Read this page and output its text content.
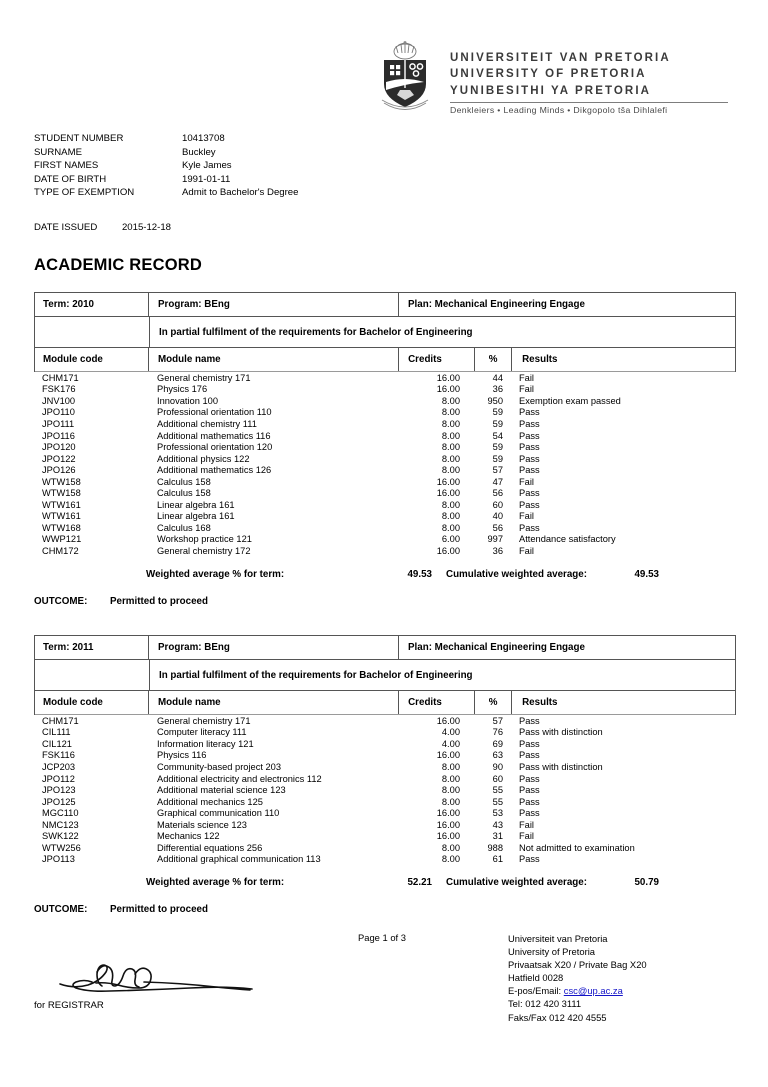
UNIVERSITEIT VAN PRETORIA
UNIVERSITY OF PRETORIA
YUNIBESITHI YA PRETORIA
Denkleiers • Leading Minds • Dikgopolo tša Dihlalefi
STUDENT NUMBER	10413708
SURNAME	Buckley
FIRST NAMES	Kyle James
DATE OF BIRTH	1991-01-11
TYPE OF EXEMPTION	Admit to Bachelor's Degree
DATE ISSUED	2015-12-18
ACADEMIC RECORD
Term: 2010	Program: BEng	Plan: Mechanical Engineering Engage
In partial fulfilment of the requirements for Bachelor of Engineering
Module code	Module name	Credits	%	Results
CHM171	General chemistry 171	16.00	44	Fail
FSK176	Physics 176	16.00	36	Fail
JNV100	Innovation 100	8.00	950	Exemption exam passed
JPO110	Professional orientation 110	8.00	59	Pass
JPO111	Additional chemistry 111	8.00	59	Pass
JPO116	Additional mathematics 116	8.00	54	Pass
JPO120	Professional orientation 120	8.00	59	Pass
JPO122	Additional physics 122	8.00	59	Pass
JPO126	Additional mathematics 126	8.00	57	Pass
WTW158	Calculus 158	16.00	47	Fail
WTW158	Calculus 158	16.00	56	Pass
WTW161	Linear algebra 161	8.00	60	Pass
WTW161	Linear algebra 161	8.00	40	Fail
WTW168	Calculus 168	8.00	56	Pass
WWP121	Workshop practice 121	6.00	997	Attendance satisfactory
CHM172	General chemistry 172	16.00	36	Fail
Weighted average % for term:	49.53	Cumulative weighted average:	49.53
OUTCOME:	Permitted to proceed
Term: 2011	Program: BEng	Plan: Mechanical Engineering Engage
In partial fulfilment of the requirements for Bachelor of Engineering
Module code	Module name	Credits	%	Results
CHM171	General chemistry 171	16.00	57	Pass
CIL111	Computer literacy 111	4.00	76	Pass with distinction
CIL121	Information literacy 121	4.00	69	Pass
FSK116	Physics 116	16.00	63	Pass
JCP203	Community-based project 203	8.00	90	Pass with distinction
JPO112	Additional electricity and electronics 112	8.00	60	Pass
JPO123	Additional material science 123	8.00	55	Pass
JPO125	Additional mechanics 125	8.00	55	Pass
MGC110	Graphical communication 110	16.00	53	Pass
NMC123	Materials science 123	16.00	43	Fail
SWK122	Mechanics 122	16.00	31	Fail
WTW256	Differential equations 256	8.00	988	Not admitted to examination
JPO113	Additional graphical communication 113	8.00	61	Pass
Weighted average % for term:	52.21	Cumulative weighted average:	50.79
OUTCOME:	Permitted to proceed
Page 1 of 3	Universiteit van Pretoria
University of Pretoria
Privaatsak X20 / Private Bag X20
Hatfield 0028
E-pos/Email: csc@up.ac.za
Tel: 012 420 3111
Faks/Fax 012 420 4555
for REGISTRAR
